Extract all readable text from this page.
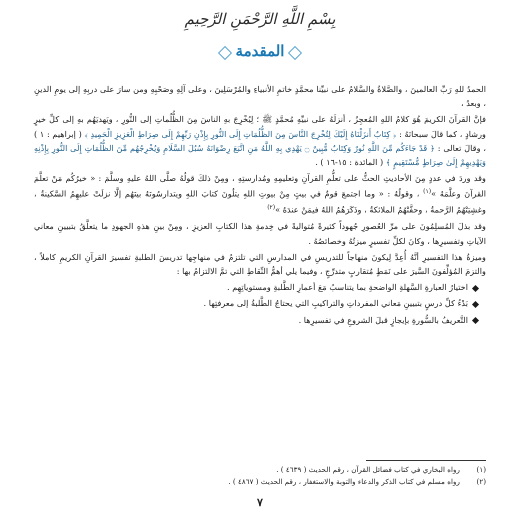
بِسْمِ اللَّهِ الرَّحْمَنِ الرَّحِيمِ
المقدمة

الحمدُ للهِ رَبِّ العالمينَ ، والصَّلاةُ والسَّلامُ على نبيِّنا محمَّدٍ خاتمِ الأنبياءِ والمُرْسَلِينَ ، وعلى آلِهِ وصَحْبِهِ ومن سارَ على دربِهِ إلى يومِ الدينِ ، وبعدُ ،

فإنَّ القرآنَ الكريمَ هُوَ كلامُ اللهِ المُعجِزُ ، أنزلَهُ على نبيِّهِ مُحمَّدٍ ﷺ ؛ لِيُخْرِجَ بهِ الناسَ مِنَ الظُّلُماتِ إلى النُّورِ ، ويَهديَهُم بهِ إلى كلِّ خيرٍ ورشادٍ ، كما قالَ سبحانَهُ : ﴿ كِتَابٌ أَنزَلْنَاهُ إِلَيْكَ لِتُخْرِجَ النَّاسَ مِنَ الظُّلُمَاتِ إِلَى النُّورِ بِإِذْنِ رَبِّهِمْ إِلَى صِرَاطِ الْعَزِيزِ الْحَمِيدِ ﴾ ( إبراهيم : ١ ) ، وقالَ تعالى : ﴿ قَدْ جَاءَكُم مِّنَ اللَّهِ نُورٌ وَكِتَابٌ مُّبِينٌ ۝ يَهْدِي بِهِ اللَّهُ مَنِ اتَّبَعَ رِضْوَانَهُ سُبُلَ السَّلَامِ وَيُخْرِجُهُم مِّنَ الظُّلُمَاتِ إِلَى النُّورِ بِإِذْنِهِ وَيَهْدِيهِمْ إِلَىٰ صِرَاطٍ مُّسْتَقِيمٍ ﴾ ( المائدة : ١٥-١٦ ) .

وقد وردَ في عددٍ مِنَ الأحاديثِ الحثُّ على تعلُّمِ القرآنِ وتعليمِهِ ومُدارستِهِ ، ومِنْ ذلكَ قولُهُ صلَّى اللهُ عليهِ وسلَّمَ : « خيرُكُم مَنْ تعلَّمَ القرآنَ وعلَّمَهُ »$^{(١)}$ ، وقولُهُ : « وما اجتمعَ قومٌ في بيتٍ مِنْ بيوتِ اللهِ يتلُونَ كتابَ اللهِ ويتدارسُونَهُ بينَهُم إلَّا نزلَتْ عليهِمُ السَّكينةُ ، وغشِيَتْهُمُ الرَّحمةُ ، وحفَّتْهُمُ الملائكةُ ، وذَكَرَهُمُ اللهُ فيمَنْ عندَهُ »$^{(٢)}$

وقد بذلَ المُسلِمُونَ على مرِّ العُصورِ جُهوداً كثيرةً مُتواليةً في خِدمةِ هذا الكتابِ العزيزِ ، ومِنْ بينِ هذهِ الجهودِ ما يتعلَّقُ بتبيينِ معاني الآياتِ وتفسيرِها ، وكانَ لكلِّ تفسيرٍ ميزتُهُ وخصائصُهُ .

وميزةُ هذا التفسيرِ أنَّهُ أُعِدَّ لِيكونَ منهاجاً للتدريسِ في المدارسِ التي تلتزمُ في منهاجِها تدريسَ الطلبةِ تفسيرَ القرآنِ الكريمِ كاملاً ، والتزمَ المُؤلِّفونَ السَّيرَ على نَمَطٍ مُتقاربٍ متدرِّجٍ ، وفيما يلي أهمُّ النِّقاطِ التي تمَّ الالتزامُ بها :

اختيارُ العبارةِ السَّهلةِ الواضحةِ بما يتناسبُ مَعَ أعمارِ الطَّلبةِ ومستوياتِهِم .
بَدْءُ كلِّ درسٍ بتبيينِ مَعاني المفرداتِ والتراكيبِ التي يحتاجُ الطَّلبةُ إلى معرفتِها .
التَّعريفُ بالسُّورةِ بإيجازٍ قبلَ الشروعِ في تفسيرِها .
(١)
رواه البخاري في كتاب فضائل القرآن ، رقم الحديث ( ٤٦٣٩ ) .
(٢)
رواه مسلم في كتاب الذكر والدعاء والتوبة والاستغفار ، رقم الحديث ( ٤٨٦٧ ) .
٧
